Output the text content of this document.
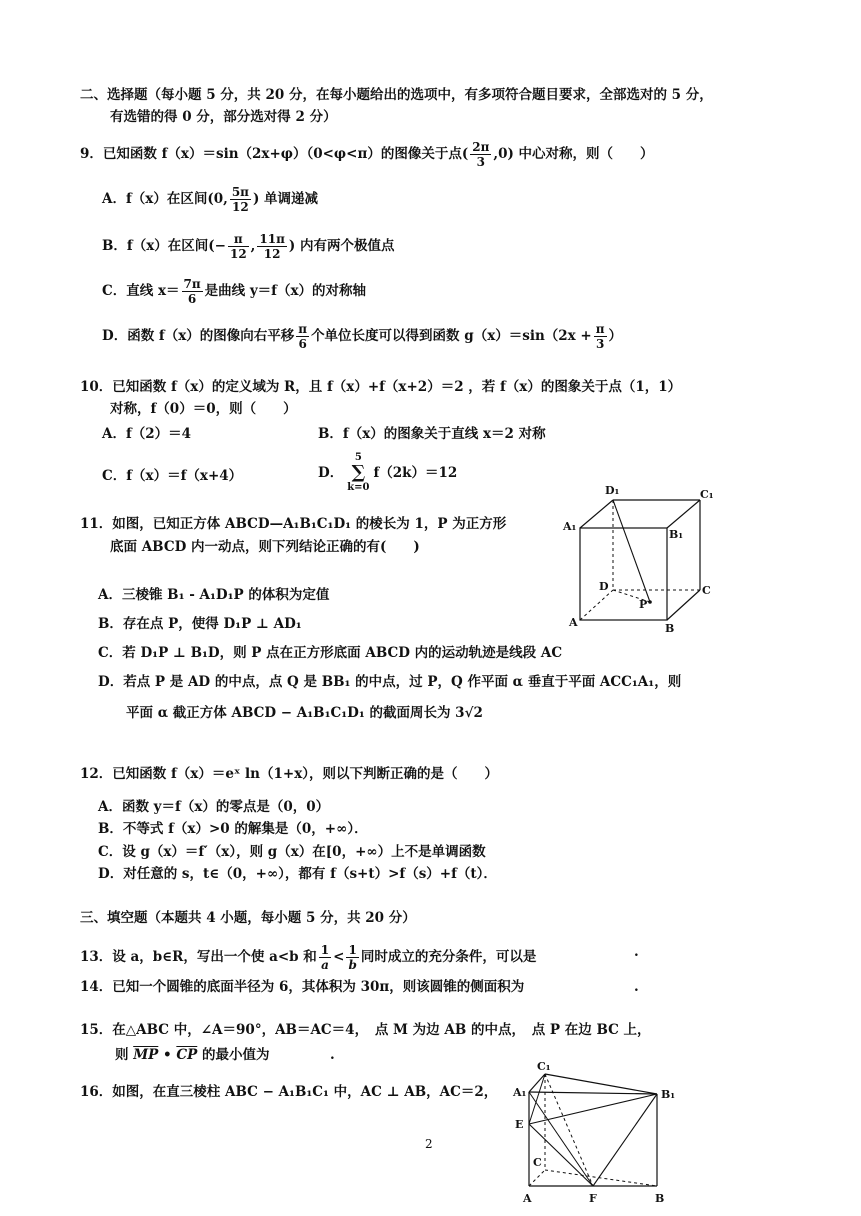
二、选择题（每小题 5 分，共 20 分，在每小题给出的选项中，有多项符合题目要求，全部选对的 5 分，
有选错的得 0 分，部分选对得 2 分）
9．已知函数 f（x）＝sin（2x+φ）（0<φ<π）的图像关于点( $\frac{2\pi}{3} ,0$) 中心对称，则（　　）
A．f（x）在区间(0, $\frac{5\pi}{12}$ ) 单调递减
B．f（x）在区间(− $\frac{\pi}{12}$ , $\frac{11\pi}{12}$ ) 内有两个极值点
C．直线 $x= \frac{7\pi}{6}$ 是曲线 y＝f（x）的对称轴
D．函数 f（x）的图像向右平移 $\frac{\pi}{6}$ 个单位长度可以得到函数 $g(x)=\sin(2x + \frac{\pi}{3}$ ）
10．已知函数 f（x）的定义域为 R，且 f（x）+f（x+2）＝2 ，若 f（x）的图象关于点（1，1）
对称，f（0）＝0，则（　　）
A．f（2）＝4	B．f（x）的图象关于直线 x＝2 对称
C．f（x）＝f（x+4）	D．
5
∑
k=0
f（2k）＝12
11．如图，已知正方体 ABCD—A₁B₁C₁D₁ 的棱长为 1，P 为正方形
底面 ABCD 内一动点，则下列结论正确的有(　　)
D₁	C₁
A₁
B₁
D	C
P
A	B
A．三棱锥 B₁ - A₁D₁P 的体积为定值
B．存在点 P，使得 D₁P ⊥ AD₁
C．若 D₁P ⊥ B₁D，则 P 点在正方形底面 ABCD 内的运动轨迹是线段 AC
D．若点 P 是 AD 的中点，点 Q 是 BB₁ 的中点，过 P，Q 作平面 α 垂直于平面 ACC₁A₁，则
平面 α 截正方体 ABCD − A₁B₁C₁D₁ 的截面周长为 3√2
12．已知函数 f（x）＝eˣ ln（1+x），则以下判断正确的是（　　）
A．函数 y＝f（x）的零点是（0，0）
B．不等式 f（x）>0 的解集是（0，+∞）．
C．设 g（x）＝f′（x），则 g（x）在[0，+∞）上不是单调函数
D．对任意的 s，t∈（0，+∞），都有 f（s+t）>f（s）+f（t）．
三、填空题（本题共 4 小题，每小题 5 分，共 20 分）
13．设 a，b∈R，写出一个使 a<b 和 $\frac{1}{a} < \frac{1}{b}$ 同时成立的充分条件，可以是	.
14．已知一个圆锥的底面半径为 6，其体积为 30π，则该圆锥的侧面积为	.
15．在△ABC 中，∠A＝90°，AB＝AC＝4，　点 M 为边 AB 的中点，　点 P 在边 BC 上，
则 $\overline{MP}$ • $\overline{CP}$ 的最小值为	.
16．如图，在直三棱柱 ABC − A₁B₁C₁ 中，AC ⊥ AB，AC＝2，
C₁
A₁	B₁
E
C
A	F	B
2
